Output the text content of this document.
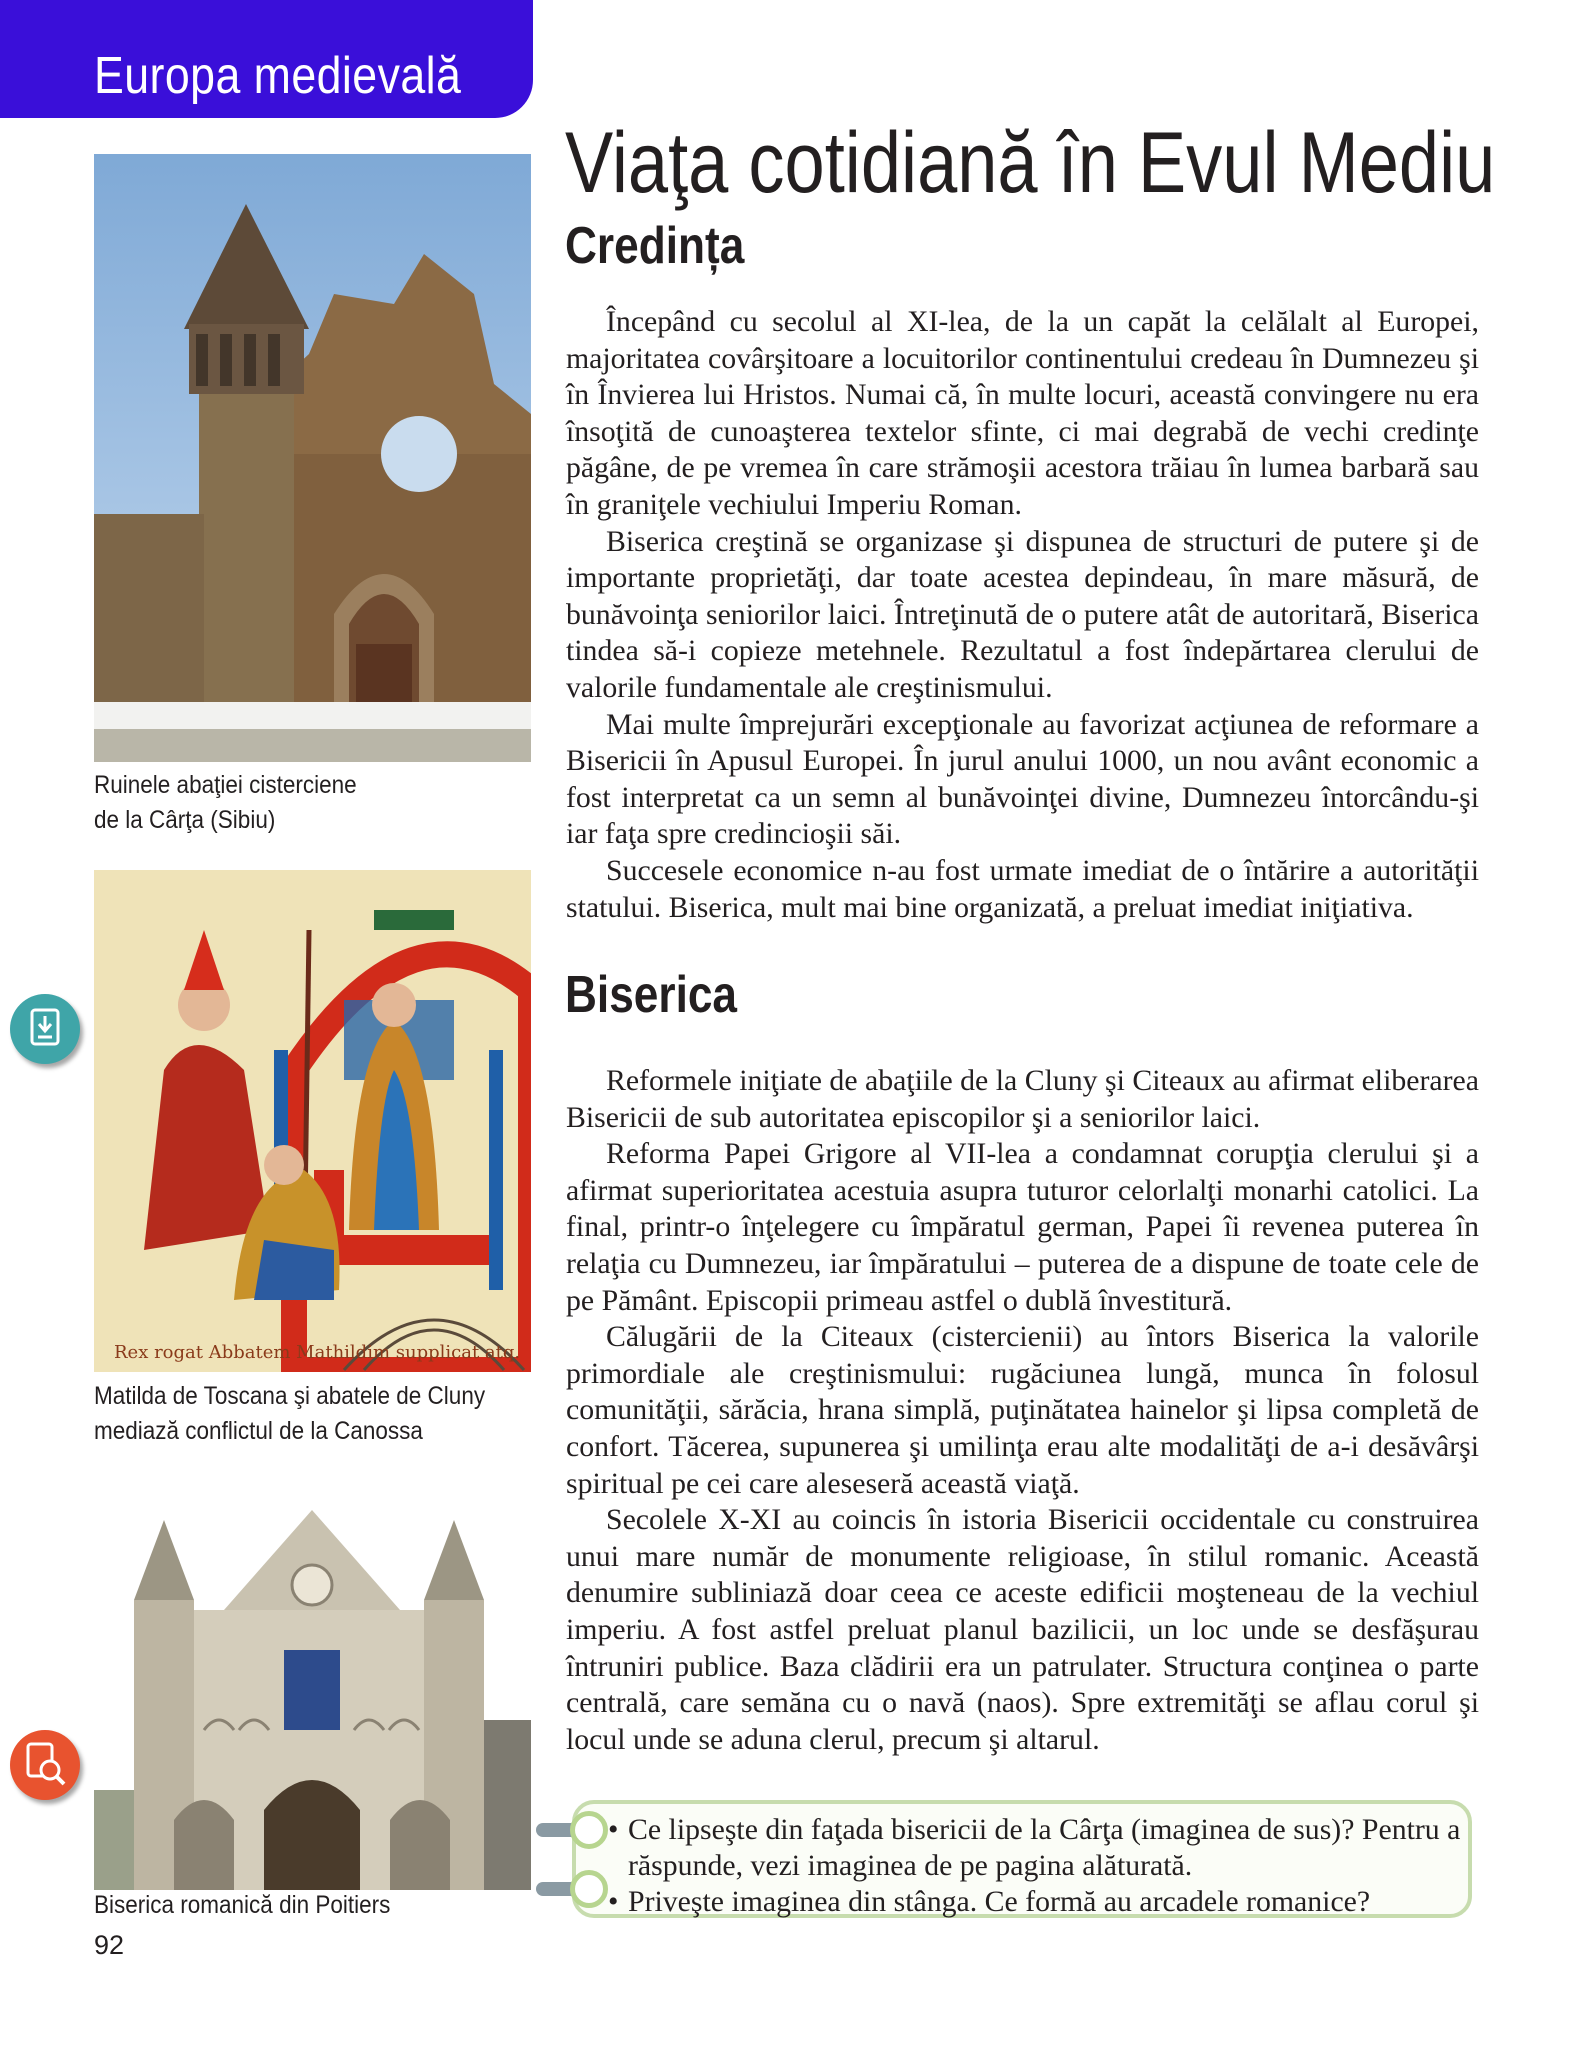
Europa medievală
Viaţa cotidiană în Evul Mediu
Credința

Începând cu secolul al XI-lea, de la un capăt la celălalt al Europei, majoritatea covârşitoare a locuitorilor continentului credeau în Dumnezeu şi în Învierea lui Hristos. Numai că, în multe locuri, această convingere nu era însoţită de cunoaşterea textelor sfinte, ci mai degrabă de vechi credinţe păgâne, de pe vremea în care strămoşii acestora trăiau în lumea barbară sau în graniţele vechiului Imperiu Roman.

Biserica creştină se organizase şi dispunea de structuri de putere şi de importante proprietăţi, dar toate acestea depindeau, în mare măsură, de bunăvoinţa seniorilor laici. Întreţinută de o putere atât de autoritară, Biserica tindea să-i copieze metehnele. Rezultatul a fost îndepărtarea clerului de valorile fundamentale ale creştinismului.

Mai multe împrejurări excepţionale au favorizat acţiunea de reformare a Bisericii în Apusul Europei. În jurul anului 1000, un nou avânt economic a fost interpretat ca un semn al bunăvoinţei divine, Dumnezeu întorcându-şi iar faţa spre credincioşii săi.

Succesele economice n-au fost urmate imediat de o întărire a autorităţii statului. Biserica, mult mai bine organizată, a preluat imediat iniţiativa.

Biserica

Reformele iniţiate de abaţiile de la Cluny şi Citeaux au afirmat eliberarea Bisericii de sub autoritatea episcopilor şi a seniorilor laici.

Reforma Papei Grigore al VII-lea a condamnat corupţia clerului şi a afirmat superioritatea acestuia asupra tuturor celorlalţi monarhi catolici. La final, printr-o înţelegere cu împăratul german, Papei îi revenea puterea în relaţia cu Dumnezeu, iar împăratului – puterea de a dispune de toate cele de pe Pământ. Episcopii primeau astfel o dublă învestitură.

Călugării de la Citeaux (cistercienii) au întors Biserica la valorile primordiale ale creştinismului: rugăciunea lungă, munca în folosul comunităţii, sărăcia, hrana simplă, puţinătatea hainelor şi lipsa completă de confort. Tăcerea, supunerea şi umilinţa erau alte modalităţi de a-i desăvârşi spiritual pe cei care aleseseră această viaţă.

Secolele X-XI au coincis în istoria Bisericii occidentale cu construirea unui mare număr de monumente religioase, în stilul romanic. Această denumire subliniază doar ceea ce aceste edificii moşteneau de la vechiul imperiu. A fost astfel preluat planul bazilicii, un loc unde se desfăşurau întruniri publice. Baza clădirii era un patrulater. Structura conţinea o parte centrală, care semăna cu o navă (naos). Spre extremităţi se aflau corul şi locul unde se aduna clerul, precum şi altarul.

Ruinele abaţiei cisterciene
de la Cârţa (Sibiu)
Rex rogat Abbatem Mathildim supplicat atq.
Matilda de Toscana şi abatele de Cluny
mediază conflictul de la Canossa
Biserica romanică din Poitiers
92
• Ce lipseşte din faţada bisericii de la Cârţa (imaginea de sus)? Pentru a răspunde, vezi imaginea de pe pagina alăturată.
• Priveşte imaginea din stânga. Ce formă au arcadele romanice?
